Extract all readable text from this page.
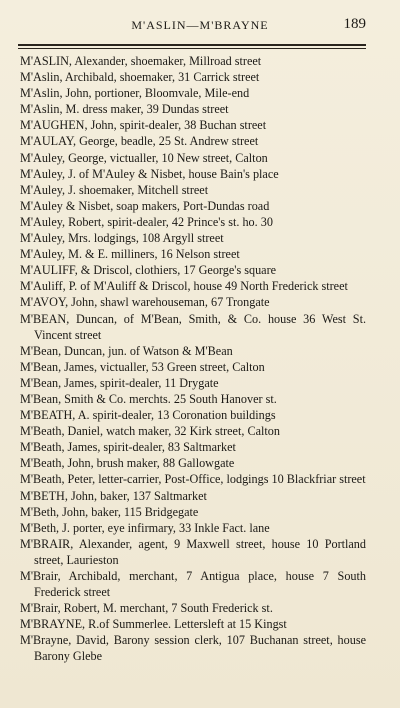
M'ASLIN—M'BRAYNE	189
M'ASLIN, Alexander, shoemaker, Millroad street
M'Aslin, Archibald, shoemaker, 31 Carrick street
M'Aslin, John, portioner, Bloomvale, Mile-end
M'Aslin, M. dress maker, 39 Dundas street
M'AUGHEN, John, spirit-dealer, 38 Buchan street
M'AULAY, George, beadle, 25 St. Andrew street
M'Auley, George, victualler, 10 New street, Calton
M'Auley, J. of M'Auley & Nisbet, house Bain's place
M'Auley, J. shoemaker, Mitchell street
M'Auley & Nisbet, soap makers, Port-Dundas road
M'Auley, Robert, spirit-dealer, 42 Prince's st. ho. 30
M'Auley, Mrs. lodgings, 108 Argyll street
M'Auley, M. & E. milliners, 16 Nelson street
M'AULIFF, & Driscol, clothiers, 17 George's square
M'Auliff, P. of M'Auliff & Driscol, house 49 North Frederick street
M'AVOY, John, shawl warehouseman, 67 Trongate
M'BEAN, Duncan, of M'Bean, Smith, & Co. house 36 West St. Vincent street
M'Bean, Duncan, jun. of Watson & M'Bean
M'Bean, James, victualler, 53 Green street, Calton
M'Bean, James, spirit-dealer, 11 Drygate
M'Bean, Smith & Co. merchts. 25 South Hanover st.
M'BEATH, A. spirit-dealer, 13 Coronation buildings
M'Beath, Daniel, watch maker, 32 Kirk street, Calton
M'Beath, James, spirit-dealer, 83 Saltmarket
M'Beath, John, brush maker, 88 Gallowgate
M'Beath, Peter, letter-carrier, Post-Office, lodgings 10 Blackfriar street
M'BETH, John, baker, 137 Saltmarket
M'Beth, John, baker, 115 Bridgegate
M'Beth, J. porter, eye infirmary, 33 Inkle Fact. lane
M'BRAIR, Alexander, agent, 9 Maxwell street, house 10 Portland street, Laurieston
M'Brair, Archibald, merchant, 7 Antigua place, house 7 South Frederick street
M'Brair, Robert, M. merchant, 7 South Frederick st.
M'BRAYNE, R.of Summerlee. Lettersleft at 15 Kingst
M'Brayne, David, Barony session clerk, 107 Buchanan street, house Barony Glebe
